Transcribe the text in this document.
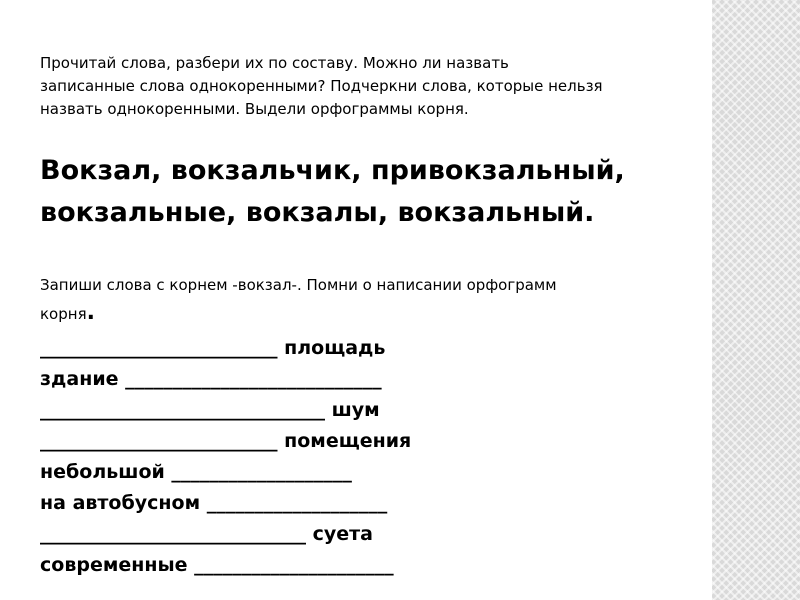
Прочитай слова, разбери их по составу. Можно ли назвать
записанные слова однокоренными? Подчеркни слова, которые нельзя
назвать однокоренными. Выдели орфограммы корня.

Вокзал, вокзальчик, привокзальный,
вокзальные, вокзалы, вокзальный.

Запиши слова с корнем -вокзал-. Помни о написании орфограмм
корня.

_________________________ площадь
здание ___________________________
______________________________ шум
_________________________ помещения
небольшой ___________________
на автобусном ___________________
____________________________ суета
современные _____________________
